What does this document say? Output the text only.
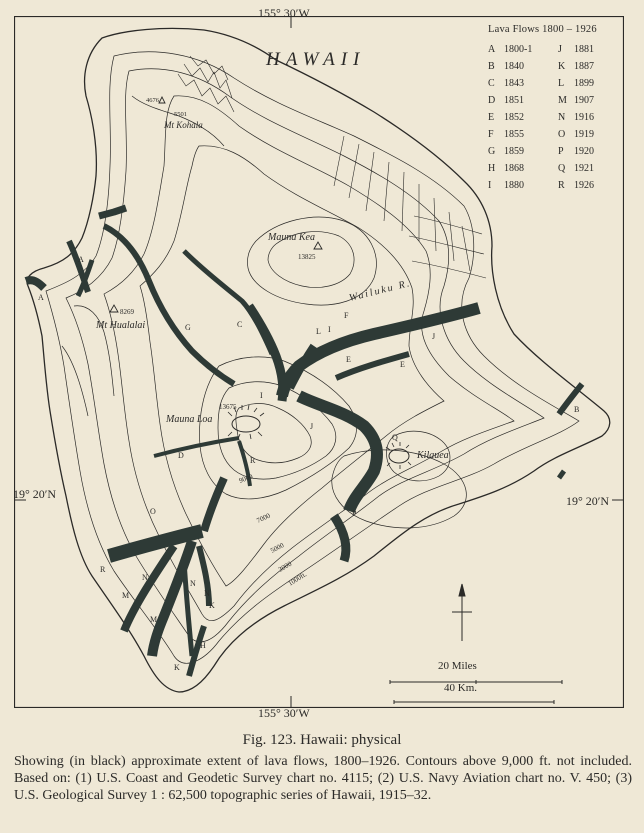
Mt Kohala
4676
5501
Mauna Kea
13825
Mt Hualalai
8269
Mauna Loa
13675
Kilauea
Wailuku R.
9000
7000
5000
3000
1000ft.
A
A
B
C
D
E
E
F
G
H
I
I
J
J
K
K
L
M
M
N
N
N
O	P
Q
R
R
155° 30′W
155° 30′W
19° 20′N	19° 20′N
HAWAII
Lava Flows 1800 – 1926
A 1800-1	J	1881
B 1840	K 1887
C 1843	L 1899
D 1851	M 1907
E 1852	N 1916
F	1855	O 1919
G 1859	P	1920
H 1868	Q 1921
I	1880	R 1926
20 Miles
40 Km.
Fig. 123. Hawaii: physical
Showing (in black) approximate extent of lava flows, 1800–1926. Contours above 9,000 ft. not included. Based on: (1) U.S. Coast and Geodetic Survey chart no. 4115; (2) U.S. Navy Aviation chart no. V. 450; (3) U.S. Geological Survey 1 : 62,500 topographic series of Hawaii, 1915–32.
